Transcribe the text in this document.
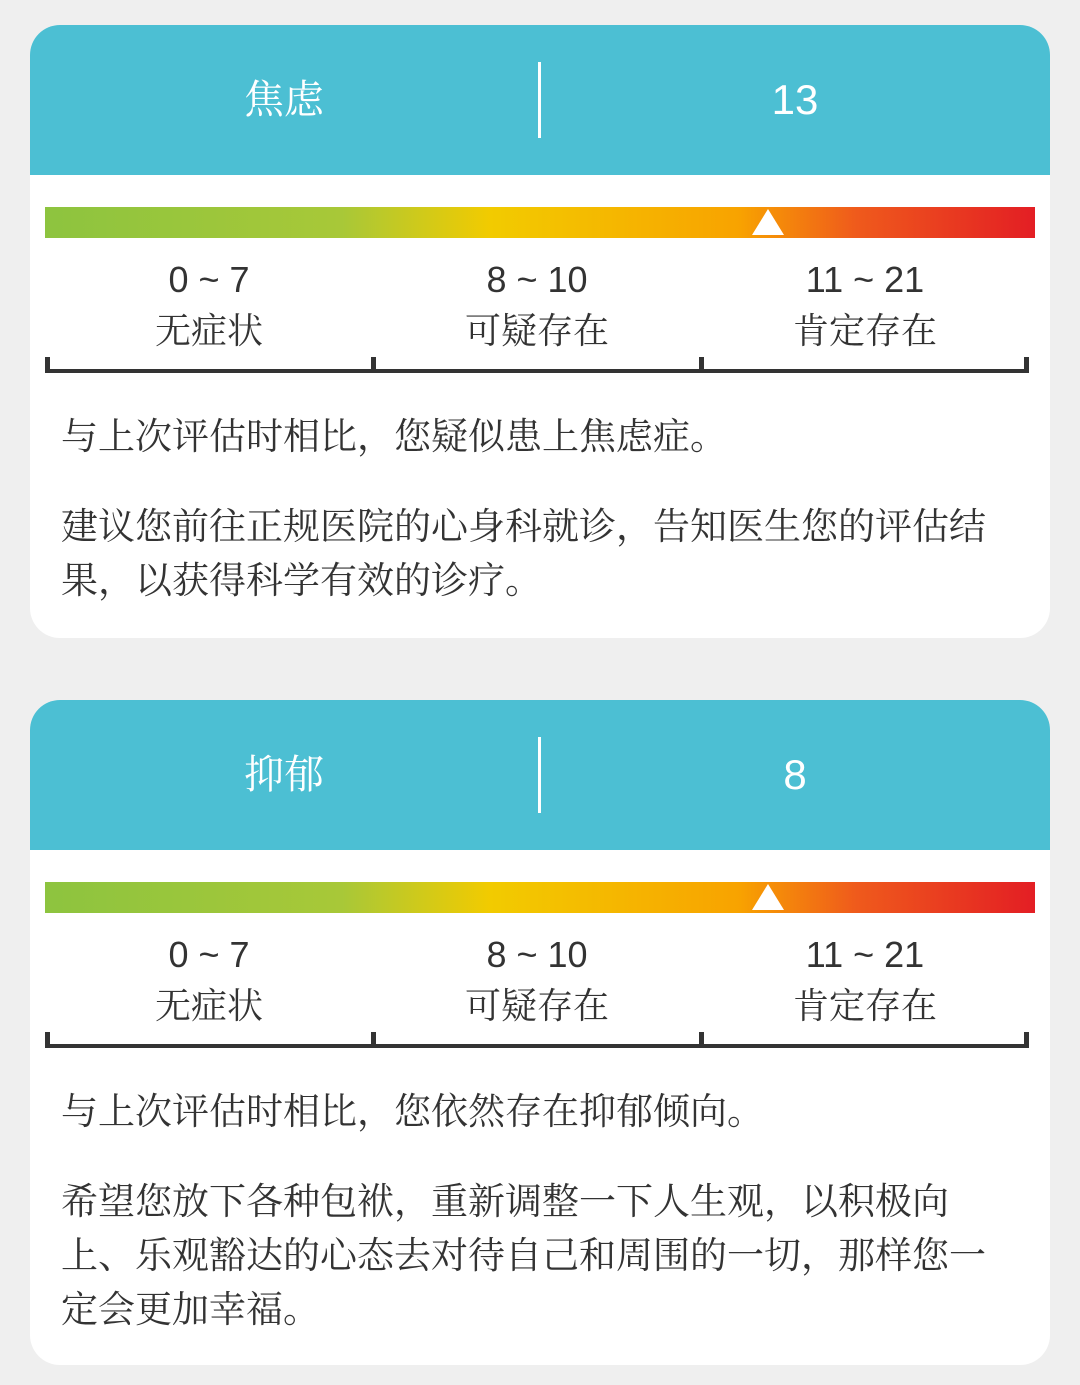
焦虑	13
0 ~ 7
无症状
8 ~ 10
可疑存在
11 ~ 21
肯定存在
与上次评估时相比，您疑似患上焦虑症。
建议您前往正规医院的心身科就诊，告知医生您的评估结果，以获得科学有效的诊疗。
抑郁	8
0 ~ 7
无症状
8 ~ 10
可疑存在
11 ~ 21
肯定存在
与上次评估时相比，您依然存在抑郁倾向。
希望您放下各种包袱，重新调整一下人生观，以积极向上、乐观豁达的心态去对待自己和周围的一切，那样您一定会更加幸福。
